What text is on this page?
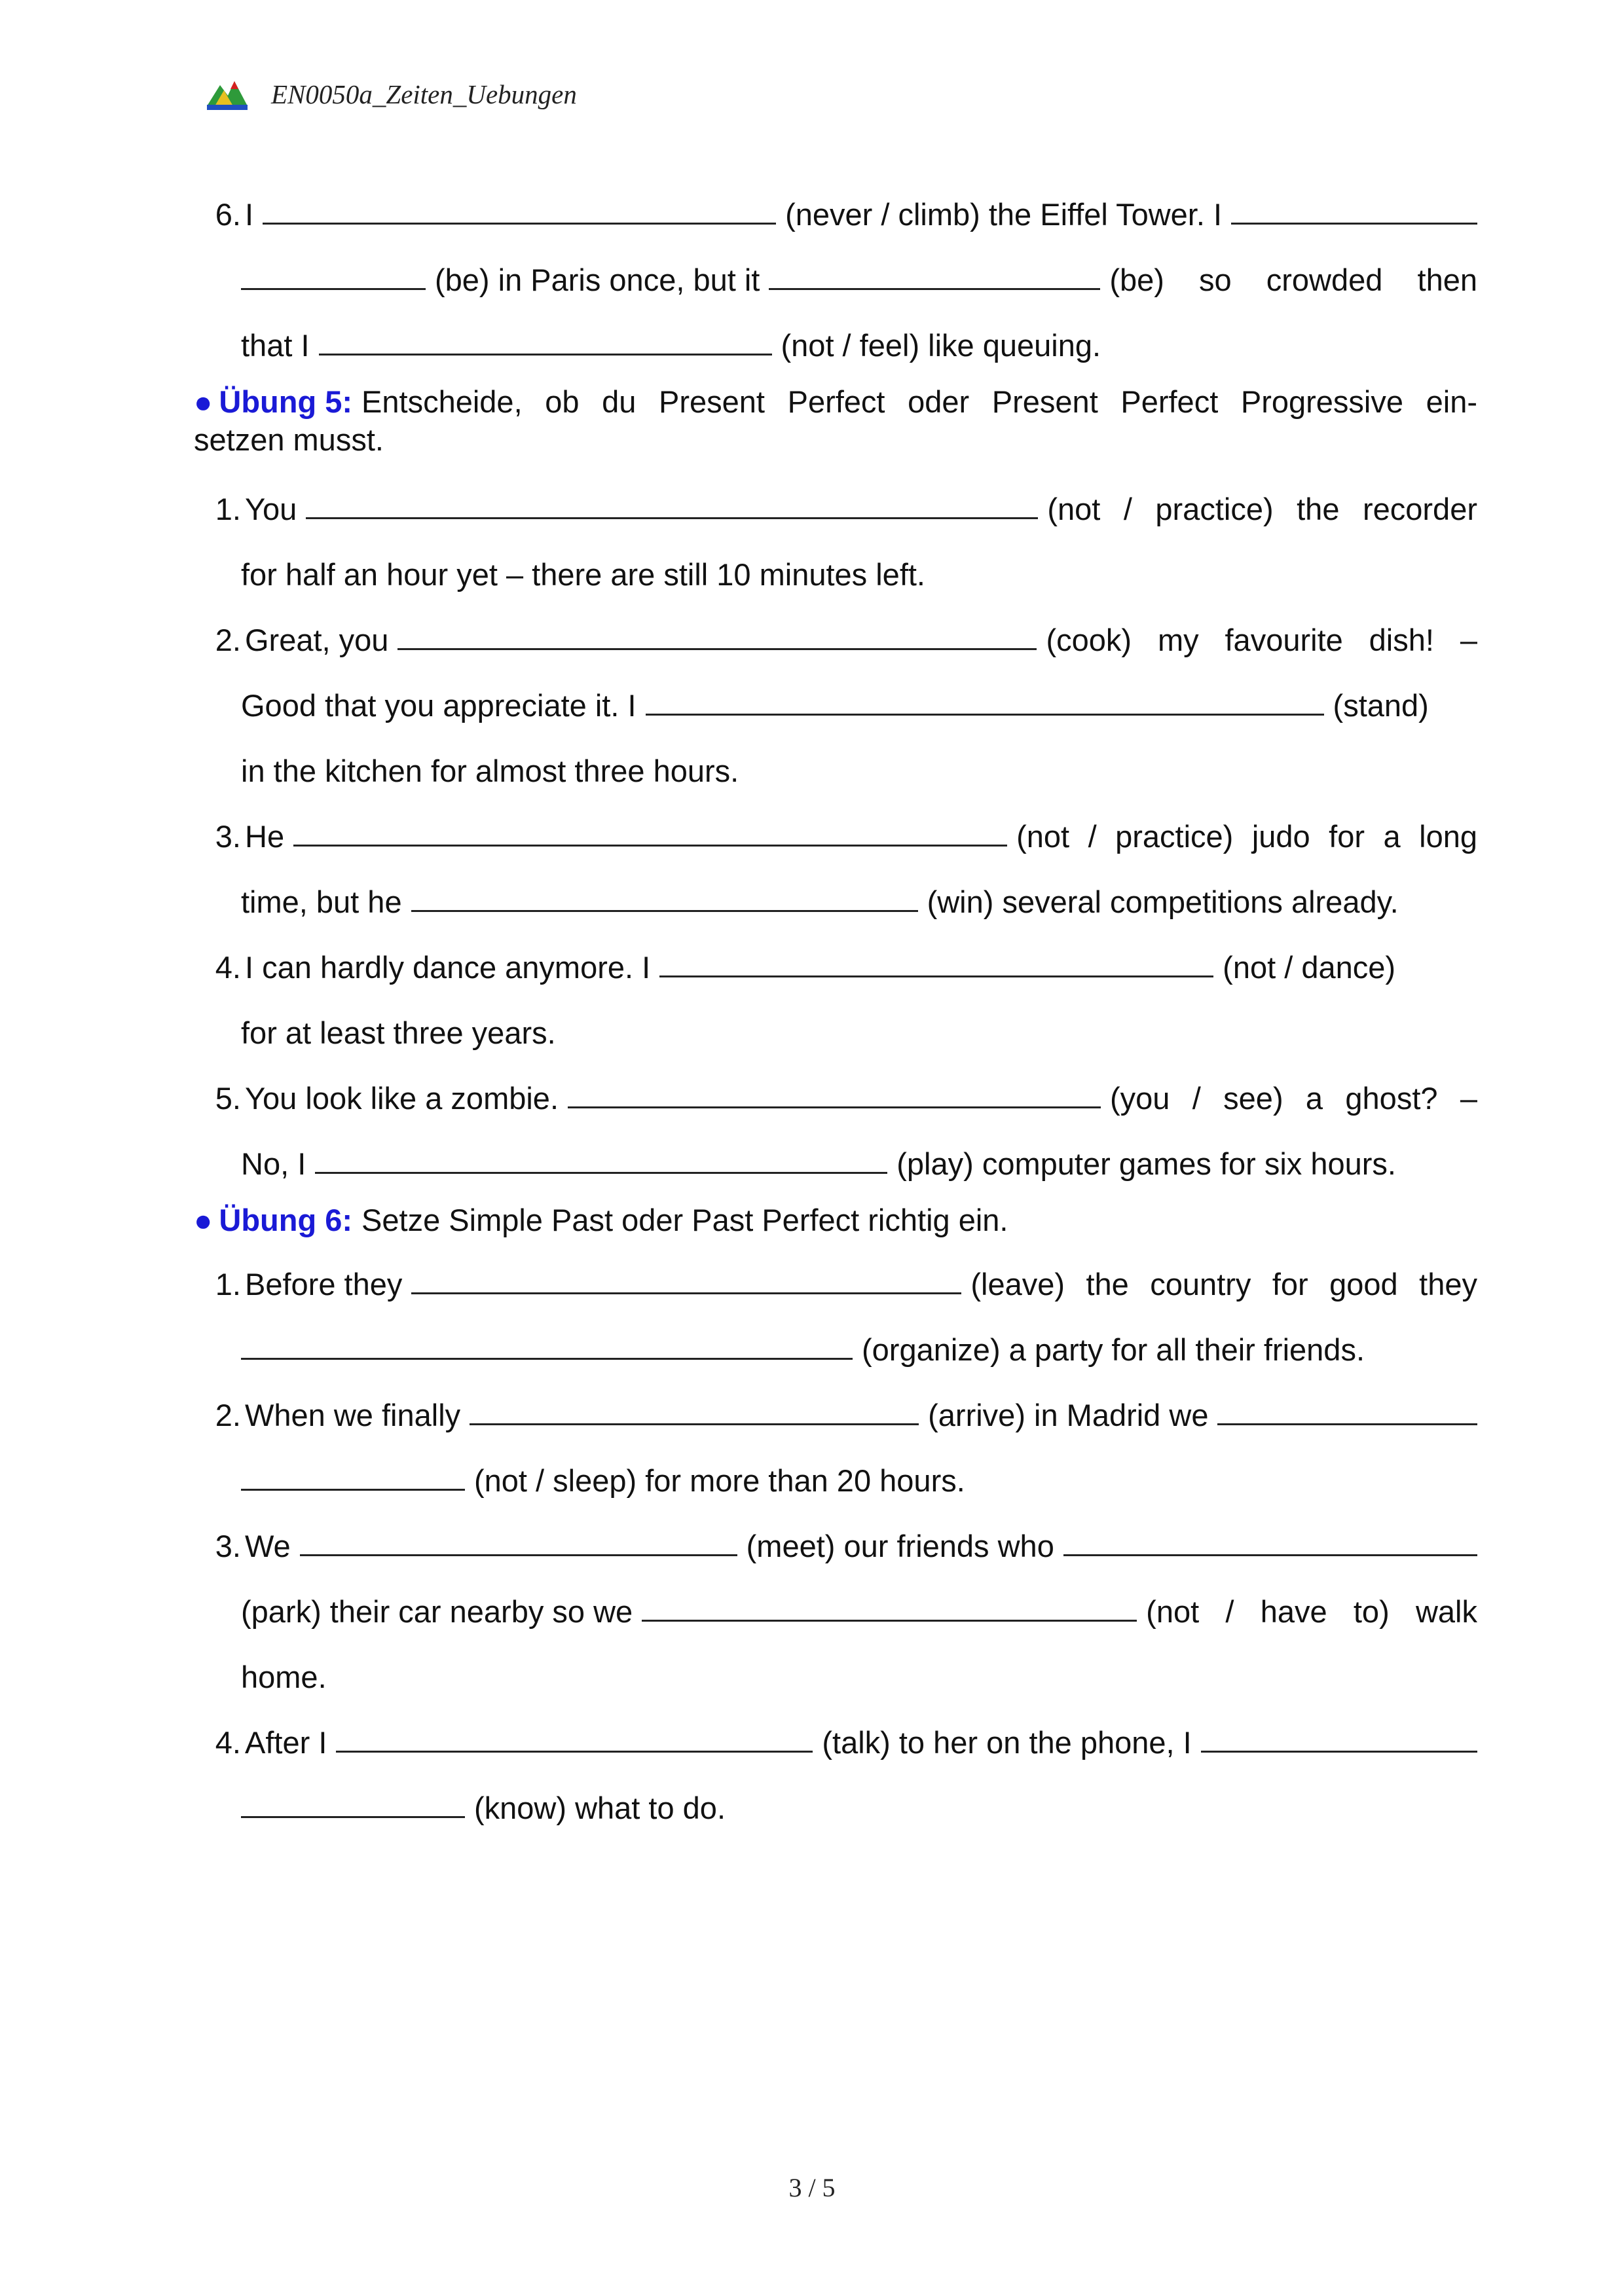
EN0050a_Zeiten_Uebungen
6. I	(never / climb) the Eiffel Tower. I
(be) in Paris once, but it	(be) so crowded then
that I	(not / feel) like queuing.
● Übung 5: Entscheide, ob du Present Perfect oder Present Perfect Progressive ein-
setzen musst.
1. You	(not / practice) the recorder
for half an hour yet – there are still 10 minutes left.
2. Great, you	(cook) my favourite dish! –
Good that you appreciate it. I	(stand)
in the kitchen for almost three hours.
3. He	(not / practice) judo for a long
time, but he	(win) several competitions already.
4. I can hardly dance anymore. I	(not / dance)
for at least three years.
5. You look like a zombie.	(you / see) a ghost? –
No, I	(play) computer games for six hours.
● Übung 6: Setze Simple Past oder Past Perfect richtig ein.
1. Before they	(leave) the country for good they
(organize) a party for all their friends.
2. When we finally	(arrive) in Madrid we
(not / sleep) for more than 20 hours.
3. We	(meet) our friends who
(park) their car nearby so we	(not / have to) walk
home.
4. After I	(talk) to her on the phone, I
(know) what to do.
3 / 5
